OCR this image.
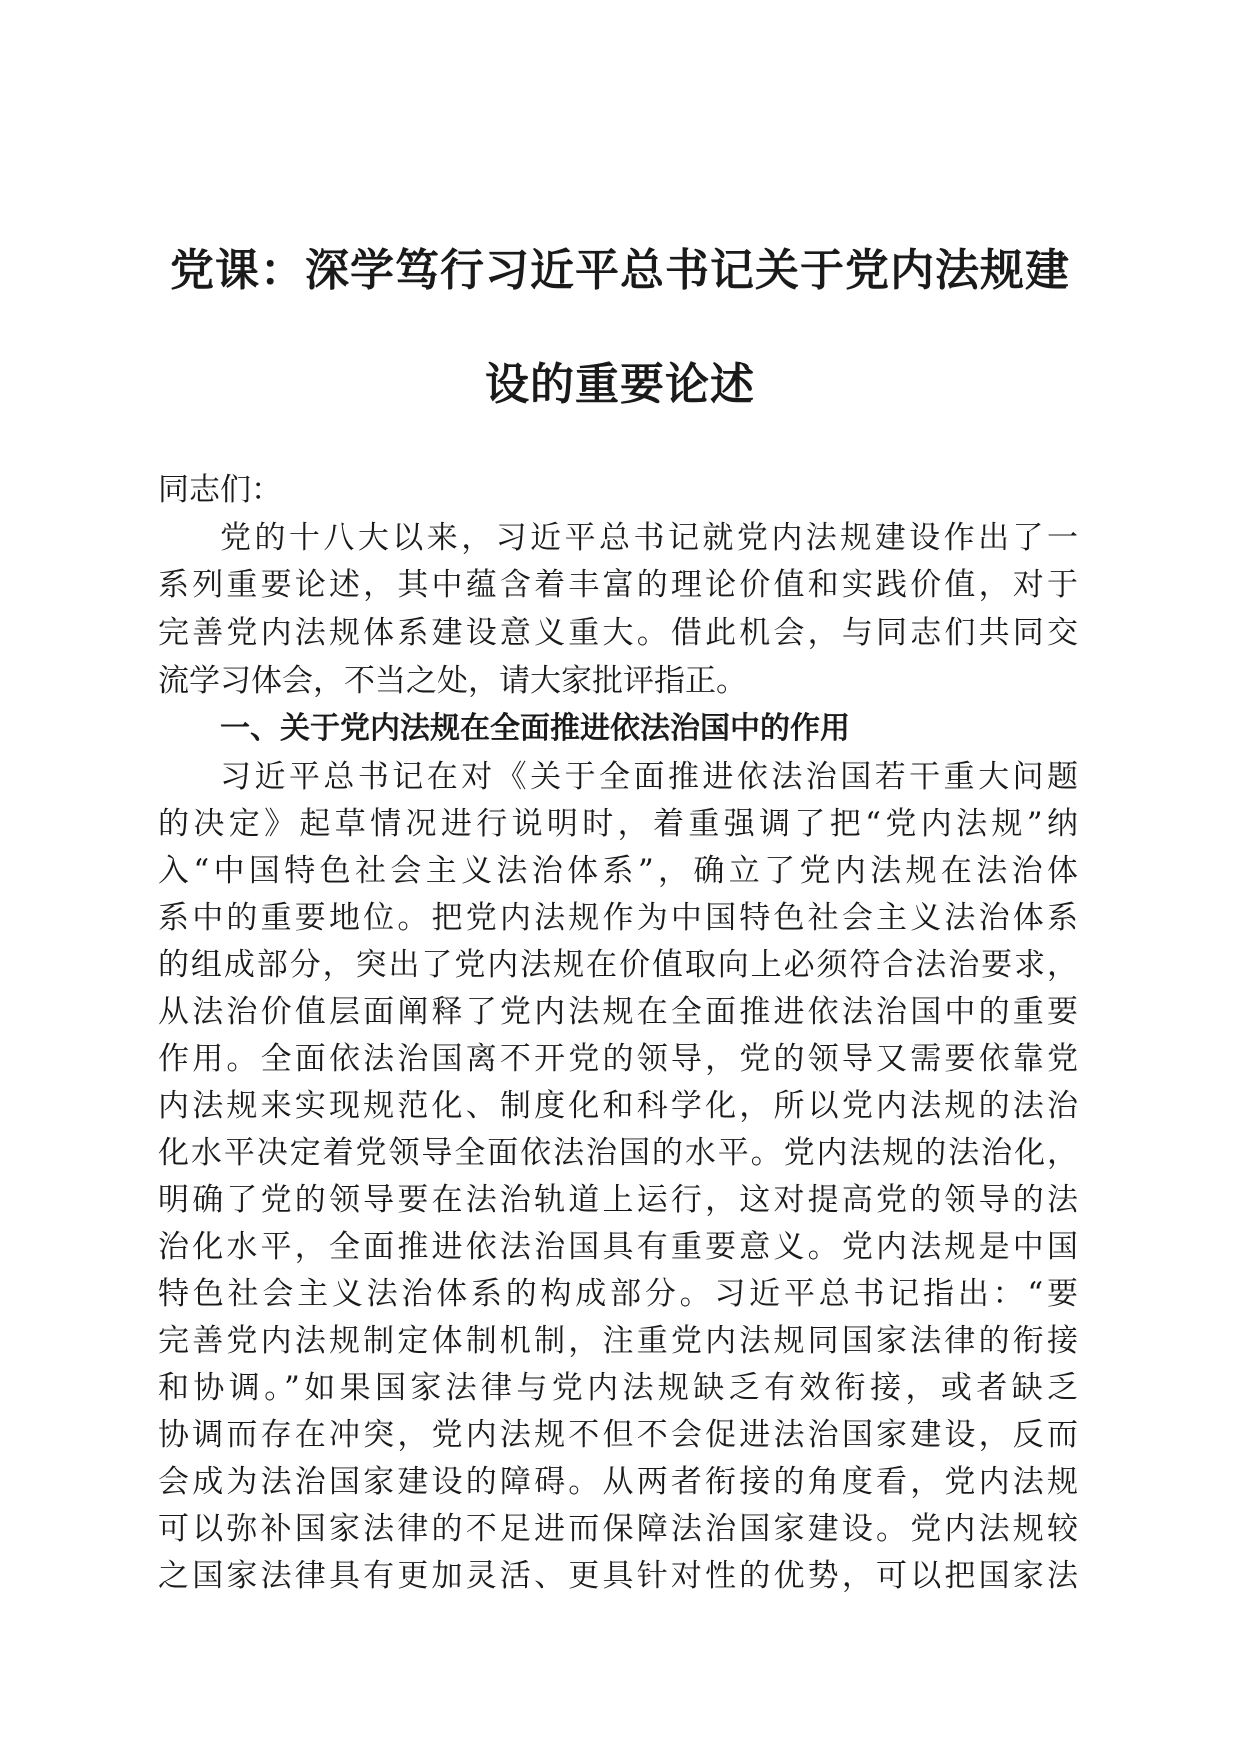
党课：深学笃行习近平总书记关于党内法规建
设的重要论述

同志们：

党的十八大以来，习近平总书记就党内法规建设作出了一

系列重要论述，其中蕴含着丰富的理论价值和实践价值，对于

完善党内法规体系建设意义重大。借此机会，与同志们共同交

流学习体会，不当之处，请大家批评指正。

一、关于党内法规在全面推进依法治国中的作用

习近平总书记在对《关于全面推进依法治国若干重大问题

的决定》起草情况进行说明时，着重强调了把“党内法规”纳

入“中国特色社会主义法治体系”，确立了党内法规在法治体

系中的重要地位。把党内法规作为中国特色社会主义法治体系

的组成部分，突出了党内法规在价值取向上必须符合法治要求，

从法治价值层面阐释了党内法规在全面推进依法治国中的重要

作用。全面依法治国离不开党的领导，党的领导又需要依靠党

内法规来实现规范化、制度化和科学化，所以党内法规的法治

化水平决定着党领导全面依法治国的水平。党内法规的法治化，

明确了党的领导要在法治轨道上运行，这对提高党的领导的法

治化水平，全面推进依法治国具有重要意义。党内法规是中国

特色社会主义法治体系的构成部分。习近平总书记指出：“要

完善党内法规制定体制机制，注重党内法规同国家法律的衔接

和协调。”如果国家法律与党内法规缺乏有效衔接，或者缺乏

协调而存在冲突，党内法规不但不会促进法治国家建设，反而

会成为法治国家建设的障碍。从两者衔接的角度看，党内法规

可以弥补国家法律的不足进而保障法治国家建设。党内法规较

之国家法律具有更加灵活、更具针对性的优势，可以把国家法
